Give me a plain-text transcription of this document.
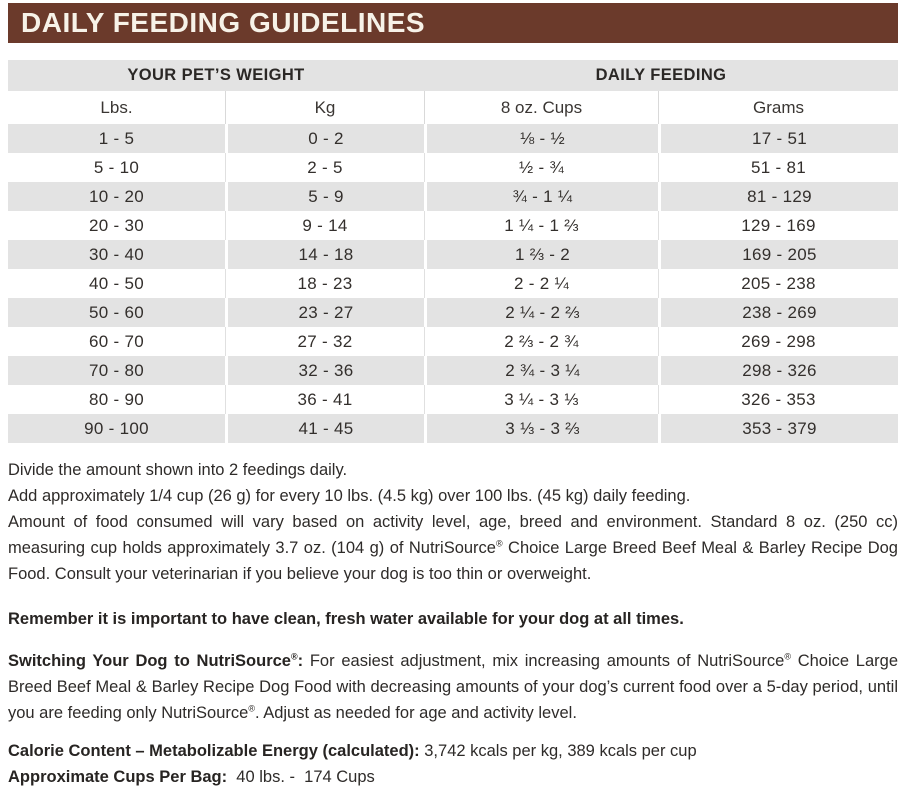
DAILY FEEDING GUIDELINES
YOUR PET’S WEIGHT	DAILY FEEDING
Lbs.	Kg	8 oz. Cups	Grams
1 - 5	0 - 2	⅛ - ½	17 - 51
5 - 10	2 - 5	½ - ¾	51 - 81
10 - 20	5 - 9	¾ - 1 ¼	81 - 129
20 - 30	9 - 14	1 ¼ - 1 ⅔	129 - 169
30 - 40	14 - 18	1 ⅔ - 2	169 - 205
40 - 50	18 - 23	2 - 2 ¼	205 - 238
50 - 60	23 - 27	2 ¼ - 2 ⅔	238 - 269
60 - 70	27 - 32	2 ⅔ - 2 ¾	269 - 298
70 - 80	32 - 36	2 ¾ - 3 ¼	298 - 326
80 - 90	36 - 41	3 ¼ - 3 ⅓	326 - 353
90 - 100	41 - 45	3 ⅓ - 3 ⅔	353 - 379

Divide the amount shown into 2 feedings daily.

Add approximately 1/4 cup (26 g) for every 10 lbs. (4.5 kg) over 100 lbs. (45 kg) daily feeding.

Amount of food consumed will vary based on activity level, age, breed and environment. Standard 8 oz. (250 cc) measuring cup holds approximately 3.7 oz. (104 g) of NutriSource® Choice Large Breed Beef Meal & Barley Recipe Dog Food. Consult your veterinarian if you believe your dog is too thin or overweight.

Remember it is important to have clean, fresh water available for your dog at all times.

Switching Your Dog to NutriSource®: For easiest adjustment, mix increasing amounts of NutriSource® Choice Large Breed Beef Meal & Barley Recipe Dog Food with decreasing amounts of your dog’s current food over a 5-day period, until you are feeding only NutriSource®. Adjust as needed for age and activity level.

Calorie Content – Metabolizable Energy (calculated): 3,742 kcals per kg, 389 kcals per cup

Approximate Cups Per Bag:  40 lbs. -  174 Cups
